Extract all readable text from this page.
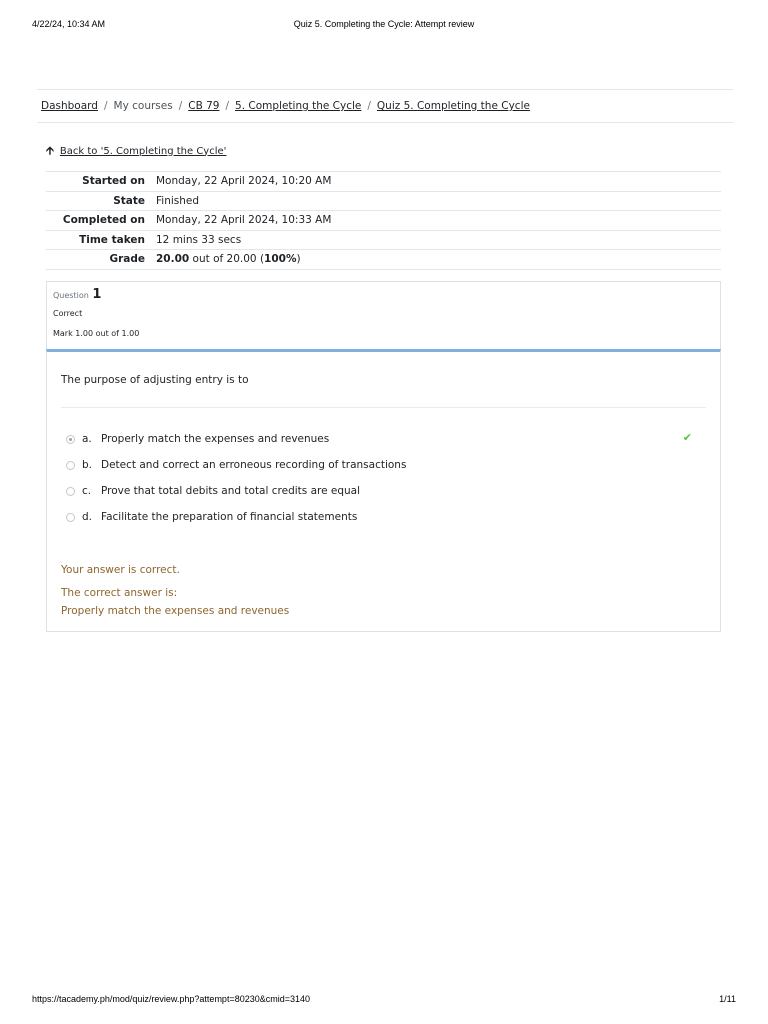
4/22/24, 10:34 AM	Quiz 5. Completing the Cycle: Attempt review
Dashboard / My courses / CB 79 / 5. Completing the Cycle / Quiz 5. Completing the Cycle
🡩 Back to '5. Completing the Cycle'
Started on	Monday, 22 April 2024, 10:20 AM
State	Finished
Completed on	Monday, 22 April 2024, 10:33 AM
Time taken	12 mins 33 secs
Grade	20.00 out of 20.00 (100%)
Question 1
Correct
Mark 1.00 out of 1.00
The purpose of adjusting entry is to
a. Properly match the expenses and revenues	✔
b. Detect and correct an erroneous recording of transactions
c. Prove that total debits and total credits are equal
d. Facilitate the preparation of financial statements
Your answer is correct.
The correct answer is:
Properly match the expenses and revenues
https://tacademy.ph/mod/quiz/review.php?attempt=80230&cmid=3140	1/11
